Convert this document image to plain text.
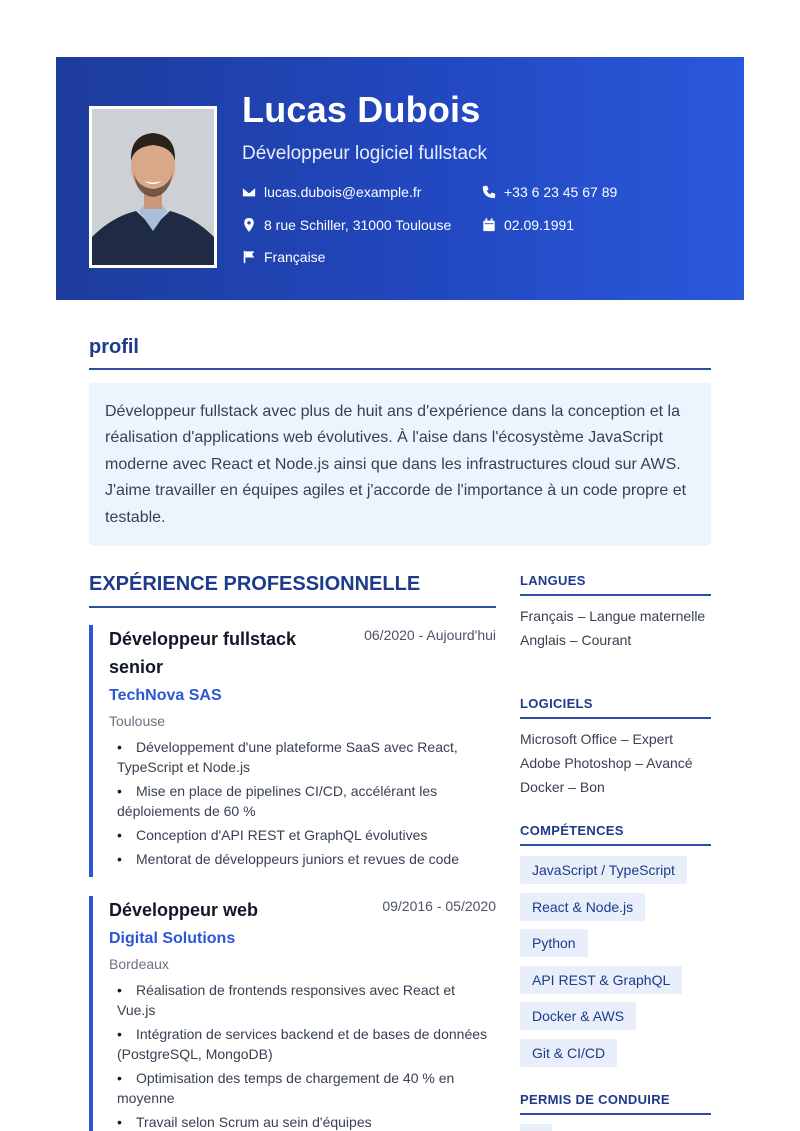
Lucas Dubois
Développeur logiciel fullstack
lucas.dubois@example.fr	+33 6 23 45 67 89
8 rue Schiller, 31000 Toulouse	02.09.1991
Française
profil
Développeur fullstack avec plus de huit ans d'expérience dans la conception et la réalisation d'applications web évolutives. À l'aise dans l'écosystème JavaScript moderne avec React et Node.js ainsi que dans les infrastructures cloud sur AWS. J'aime travailler en équipes agiles et j'accorde de l'importance à un code propre et testable.
EXPÉRIENCE PROFESSIONNELLE
Développeur fullstack senior
06/2020 - Aujourd'hui
TechNova SAS
Toulouse
• Développement d'une plateforme SaaS avec React, TypeScript et Node.js
• Mise en place de pipelines CI/CD, accélérant les déploiements de 60 %
• Conception d'API REST et GraphQL évolutives
• Mentorat de développeurs juniors et revues de code
Développeur web	09/2016 - 05/2020
Digital Solutions
Bordeaux
• Réalisation de frontends responsives avec React et Vue.js
• Intégration de services backend et de bases de données (PostgreSQL, MongoDB)
• Optimisation des temps de chargement de 40 % en moyenne
• Travail selon Scrum au sein d'équipes
LANGUES
Français – Langue maternelle
Anglais – Courant
LOGICIELS
Microsoft Office – Expert
Adobe Photoshop – Avancé
Docker – Bon
COMPÉTENCES
JavaScript / TypeScript
React & Node.js
Python
API REST & GraphQL
Docker & AWS
Git & CI/CD
PERMIS DE CONDUIRE
